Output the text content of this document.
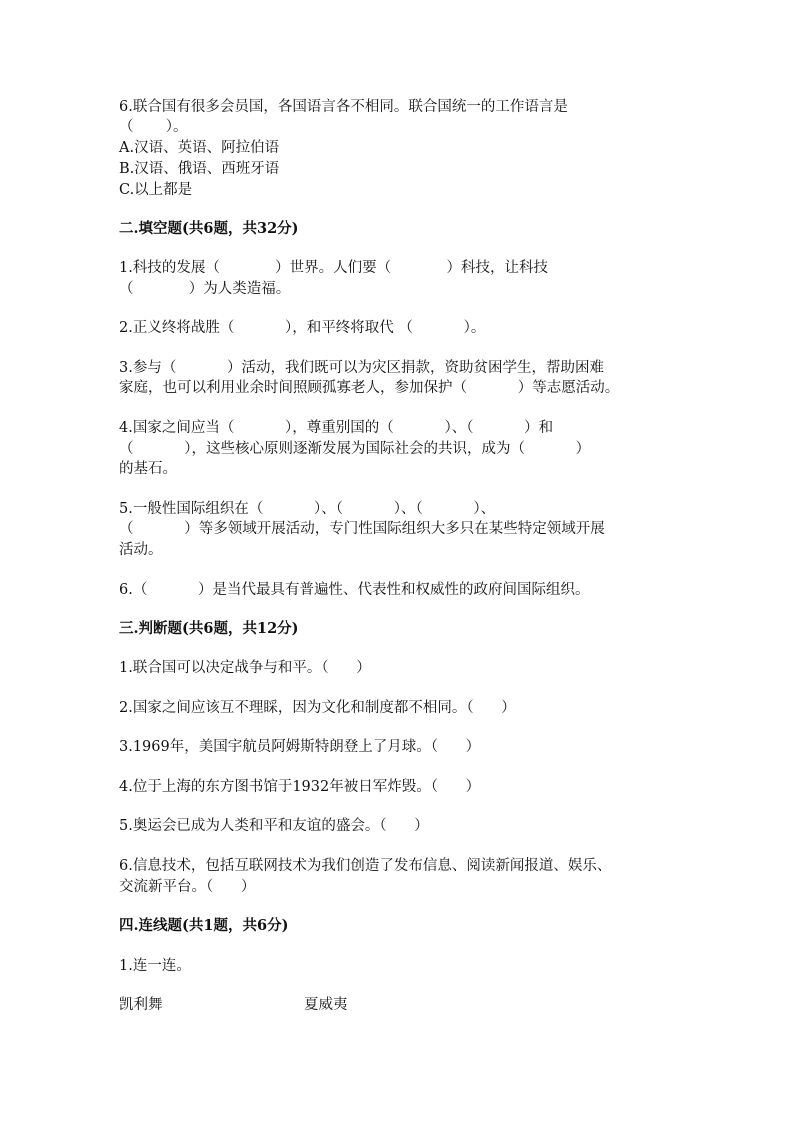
6.联合国有很多会员国，各国语言各不相同。联合国统一的工作语言是
（       ）。
A.汉语、英语、阿拉伯语
B.汉语、俄语、西班牙语
C.以上都是
二.填空题(共6题，共32分)
1.科技的发展（            ）世界。人们要（            ）科技，让科技
（            ）为人类造福。
2.正义终将战胜（           ），和平终将取代 （           ）。
3.参与（           ）活动，我们既可以为灾区捐款，资助贫困学生，帮助困难
家庭，也可以利用业余时间照顾孤寡老人，参加保护（           ）等志愿活动。
4.国家之间应当（           ），尊重别国的（           ）、（           ）和
（           ），这些核心原则逐渐发展为国际社会的共识，成为（           ）
的基石。
5.一般性国际组织在（           ）、（           ）、（           ）、
（           ）等多领域开展活动，专门性国际组织大多只在某些特定领域开展
活动。
6.（           ）是当代最具有普遍性、代表性和权威性的政府间国际组织。
三.判断题(共6题，共12分)
1.联合国可以决定战争与和平。（      ）
2.国家之间应该互不理睬，因为文化和制度都不相同。（      ）
3.1969年，美国宇航员阿姆斯特朗登上了月球。（      ）
4.位于上海的东方图书馆于1932年被日军炸毁。（      ）
5.奥运会已成为人类和平和友谊的盛会。（      ）
6.信息技术，包括互联网技术为我们创造了发布信息、阅读新闻报道、娱乐、
交流新平台。（      ）
四.连线题(共1题，共6分)
1.连一连。
凯利舞	夏威夷
